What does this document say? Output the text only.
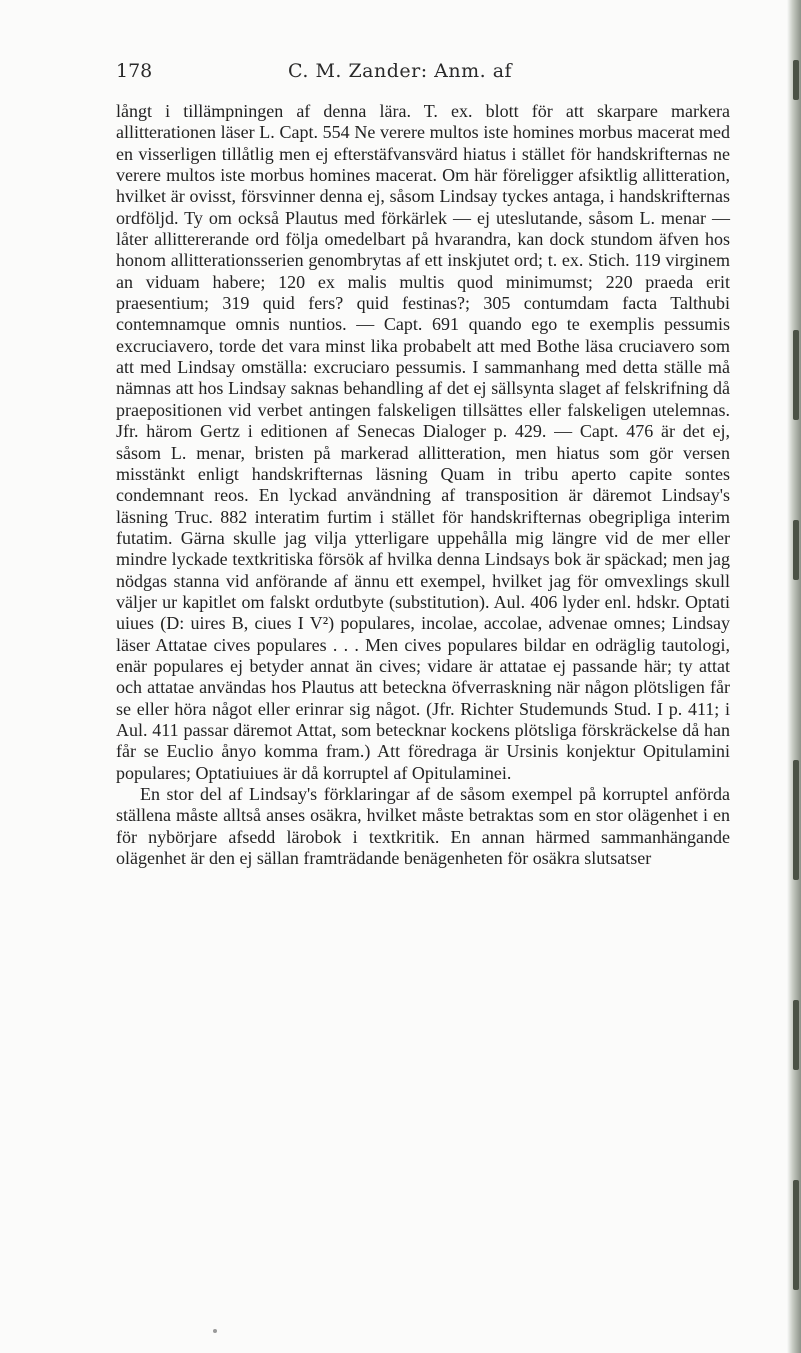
178	C. M. Zander: Anm. af

långt i tillämpningen af denna lära. T. ex. blott för att skarpare markera allitterationen läser L. Capt. 554 Ne verere multos iste homines morbus macerat med en visserligen tillåtlig men ej efterstäfvansvärd hiatus i stället för handskrifternas ne verere multos iste morbus homines macerat. Om här föreligger afsiktlig allitteration, hvilket är ovisst, försvinner denna ej, såsom Lindsay tyckes antaga, i handskrifternas ordföljd. Ty om också Plautus med förkärlek — ej uteslutande, såsom L. menar — låter allittererande ord följa omedelbart på hvarandra, kan dock stundom äfven hos honom allitterationsserien genombrytas af ett inskjutet ord; t. ex. Stich. 119 virginem an viduam habere; 120 ex malis multis quod minimumst; 220 praeda erit praesentium; 319 quid fers? quid festinas?; 305 contumdam facta Talthubi contemnamque omnis nuntios. — Capt. 691 quando ego te exemplis pessumis excruciavero, torde det vara minst lika probabelt att med Bothe läsa cruciavero som att med Lindsay omställa: excruciaro pessumis. I sammanhang med detta ställe må nämnas att hos Lindsay saknas behandling af det ej sällsynta slaget af felskrifning då praepositionen vid verbet antingen falskeligen tillsättes eller falskeligen utelemnas. Jfr. härom Gertz i editionen af Senecas Dialoger p. 429. — Capt. 476 är det ej, såsom L. menar, bristen på markerad allitteration, men hiatus som gör versen misstänkt enligt handskrifternas läsning Quam in tribu aperto capite sontes condemnant reos. En lyckad användning af transposition är däremot Lindsay's läsning Truc. 882 interatim furtim i stället för handskrifternas obegripliga interim futatim. Gärna skulle jag vilja ytterligare uppehålla mig längre vid de mer eller mindre lyckade textkritiska försök af hvilka denna Lindsays bok är späckad; men jag nödgas stanna vid anförande af ännu ett exempel, hvilket jag för omvexlings skull väljer ur kapitlet om falskt ordutbyte (substitution). Aul. 406 lyder enl. hdskr. Optati uiues (D: uires B, ciues I V²) populares, incolae, accolae, advenae omnes; Lindsay läser Attatae cives populares . . . Men cives populares bildar en odräglig tautologi, enär populares ej betyder annat än cives; vidare är attatae ej passande här; ty attat och attatae användas hos Plautus att beteckna öfverraskning när någon plötsligen får se eller höra något eller erinrar sig något. (Jfr. Richter Studemunds Stud. I p. 411; i Aul. 411 passar däremot Attat, som betecknar kockens plötsliga förskräckelse då han får se Euclio ånyo komma fram.) Att föredraga är Ursinis konjektur Opitulamini populares; Optatiuiues är då korruptel af Opitulaminei.

En stor del af Lindsay's förklaringar af de såsom exempel på korruptel anförda ställena måste alltså anses osäkra, hvilket måste betraktas som en stor olägenhet i en för nybörjare afsedd lärobok i textkritik. En annan härmed sammanhängande olägenhet är den ej sällan framträdande benägenheten för osäkra slutsatser
